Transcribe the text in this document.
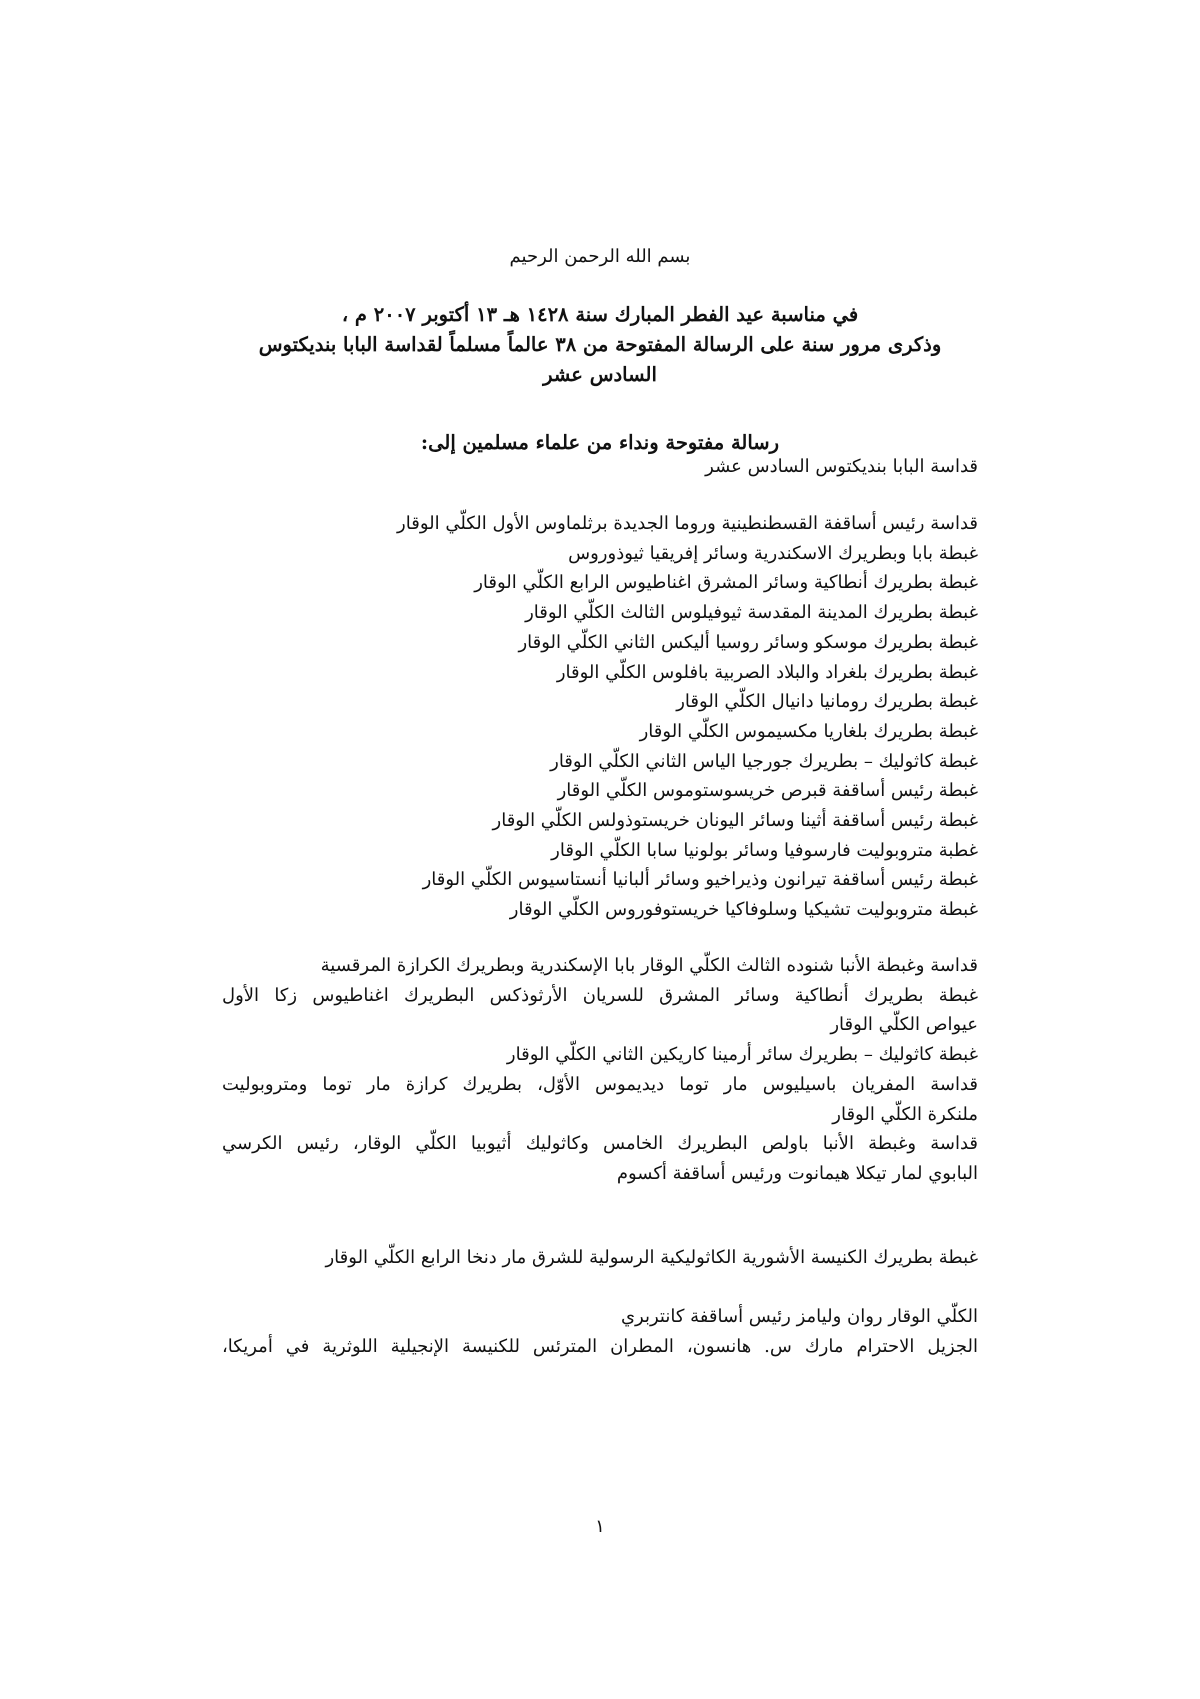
بسم الله الرحمن الرحيم
في مناسبة عيد الفطر المبارك سنة ١٤٢٨ هـ ١٣ أكتوبر ٢٠٠٧ م ،
وذكرى مرور سنة على الرسالة المفتوحة من ٣٨ عالماً مسلماً لقداسة البابا بنديكتوس
السادس عشر
رسالة مفتوحة ونداء من علماء مسلمين إلى:
قداسة البابا بنديكتوس السادس عشر
قداسة رئيس أساقفة القسطنطينية وروما الجديدة برثلماوس الأول الكلّي الوقار
غبطة بابا وبطريرك الاسكندرية وسائر إفريقيا ثيوذوروس
غبطة بطريرك أنطاكية وسائر المشرق اغناطيوس الرابع الكلّي الوقار
غبطة بطريرك المدينة المقدسة ثيوفيلوس الثالث الكلّي الوقار
غبطة بطريرك موسكو وسائر روسيا أليكس الثاني الكلّي الوقار
غبطة بطريرك بلغراد والبلاد الصربية بافلوس الكلّي الوقار
غبطة بطريرك رومانيا دانيال الكلّي الوقار
غبطة بطريرك بلغاريا مكسيموس الكلّي الوقار
غبطة كاثوليك – بطريرك جورجيا الياس الثاني الكلّي الوقار
غبطة رئيس أساقفة قبرص خريسوستوموس الكلّي الوقار
غبطة رئيس أساقفة أثينا وسائر اليونان خريستوذولس الكلّي الوقار
غطبة متروبوليت فارسوفيا وسائر بولونيا سابا الكلّي الوقار
غبطة رئيس أساقفة تيرانون وذيراخيو وسائر ألبانيا أنستاسيوس الكلّي الوقار
غبطة متروبوليت تشيكيا وسلوفاكيا خريستوفوروس الكلّي الوقار
قداسة وغبطة الأنبا شنوده الثالث الكلّي الوقار بابا الإسكندرية وبطريرك الكرازة المرقسية
غبطة بطريرك أنطاكية وسائر المشرق للسريان الأرثوذكس البطريرك اغناطيوس زكا الأول
عيواص الكلّي الوقار
غبطة كاثوليك – بطريرك سائر أرمينا كاريكين الثاني الكلّي الوقار
قداسة المفريان باسيليوس مار توما ديديموس الأوّل، بطريرك كرازة مار توما ومتروبوليت
ملنكرة الكلّي الوقار
قداسة وغبطة الأنبا باولص البطريرك الخامس وكاثوليك أثيوبيا الكلّي الوقار، رئيس الكرسي
البابوي لمار تيكلا هيمانوت ورئيس أساقفة أكسوم
غبطة بطريرك الكنيسة الأشورية الكاثوليكية الرسولية للشرق مار دنخا الرابع الكلّي الوقار
الكلّي الوقار روان وليامز رئيس أساقفة كانتربري
الجزيل الاحترام مارك س. هانسون، المطران المترئس للكنيسة الإنجيلية اللوثرية في أمريكا،
١
